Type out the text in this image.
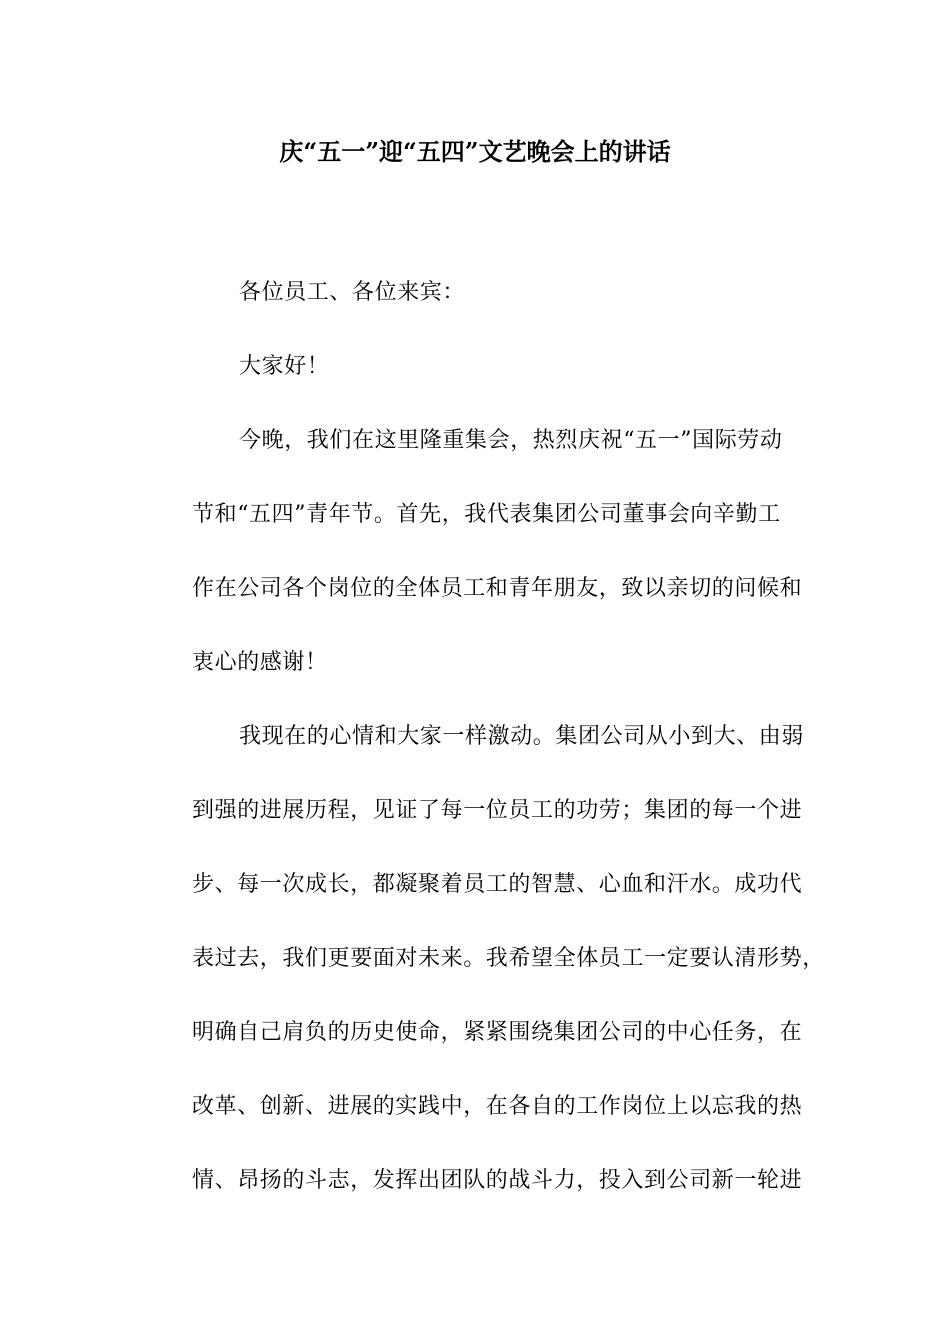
庆“五一”迎“五四”文艺晚会上的讲话
各位员工、各位来宾：
大家好！
今晚，我们在这里隆重集会，热烈庆祝“五一”国际劳动
节和“五四”青年节。首先，我代表集团公司董事会向辛勤工
作在公司各个岗位的全体员工和青年朋友，致以亲切的问候和
衷心的感谢！
我现在的心情和大家一样激动。集团公司从小到大、由弱
到强的进展历程，见证了每一位员工的功劳；集团的每一个进
步、每一次成长，都凝聚着员工的智慧、心血和汗水。成功代
表过去，我们更要面对未来。我希望全体员工一定要认清形势，
明确自己肩负的历史使命，紧紧围绕集团公司的中心任务，在
改革、创新、进展的实践中，在各自的工作岗位上以忘我的热
情、昂扬的斗志，发挥出团队的战斗力，投入到公司新一轮进
